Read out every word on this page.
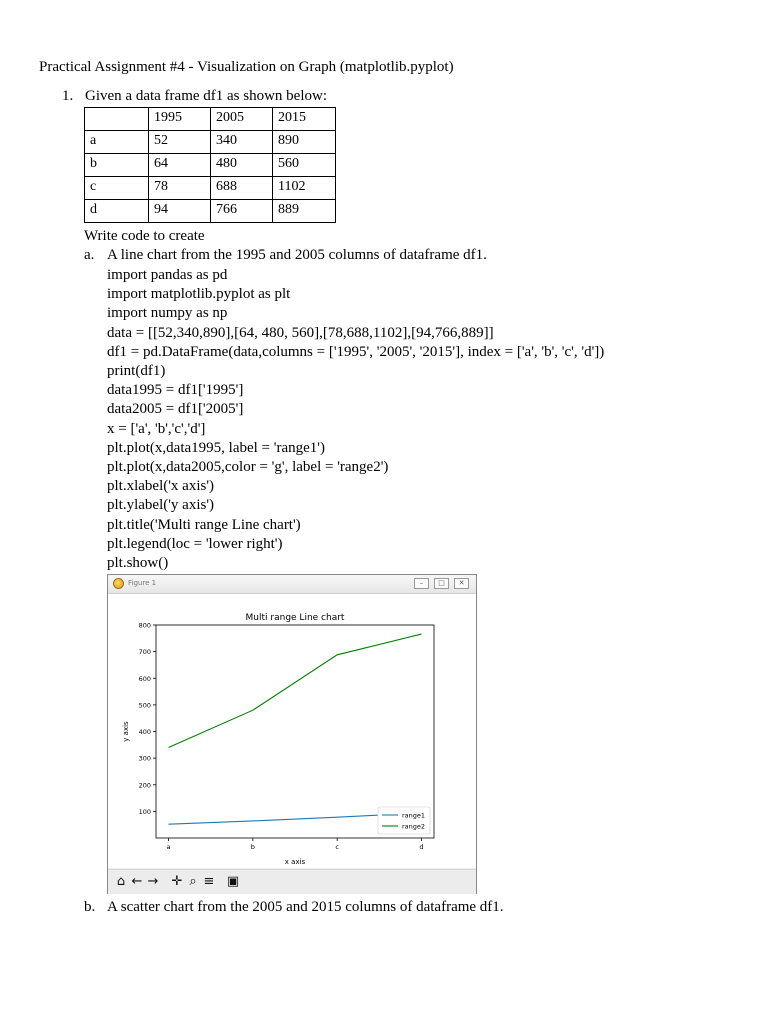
Practical Assignment #4 - Visualization on Graph (matplotlib.pyplot)
1. Given a data frame df1 as shown below:
	1995	2005	2015
a	52	340	890
b	64	480	560
c	78	688	1102
d	94	766	889
Write code to create
a. A line chart from the 1995 and 2005 columns of dataframe df1.
import pandas as pd
import matplotlib.pyplot as plt
import numpy as np
data = [[52,340,890],[64, 480, 560],[78,688,1102],[94,766,889]]
df1 = pd.DataFrame(data,columns = ['1995', '2005', '2015'], index = ['a', 'b', 'c', 'd'])
print(df1)
data1995 = df1['1995']
data2005 = df1['2005']
x = ['a', 'b','c','d']
plt.plot(x,data1995, label = 'range1')
plt.plot(x,data2005,color = 'g', label = 'range2')
plt.xlabel('x axis')
plt.ylabel('y axis')
plt.title('Multi range Line chart')
plt.legend(loc = 'lower right')
plt.show()
Figure 1	–	□	✕
Multi range Line chart
x axis
y axis
100
200
300
400
500
600
700
800
a	b	c	d
range1
range2
⌂ ← → ✛ ⌕ ≡ ▣
b. A scatter chart from the 2005 and 2015 columns of dataframe df1.
